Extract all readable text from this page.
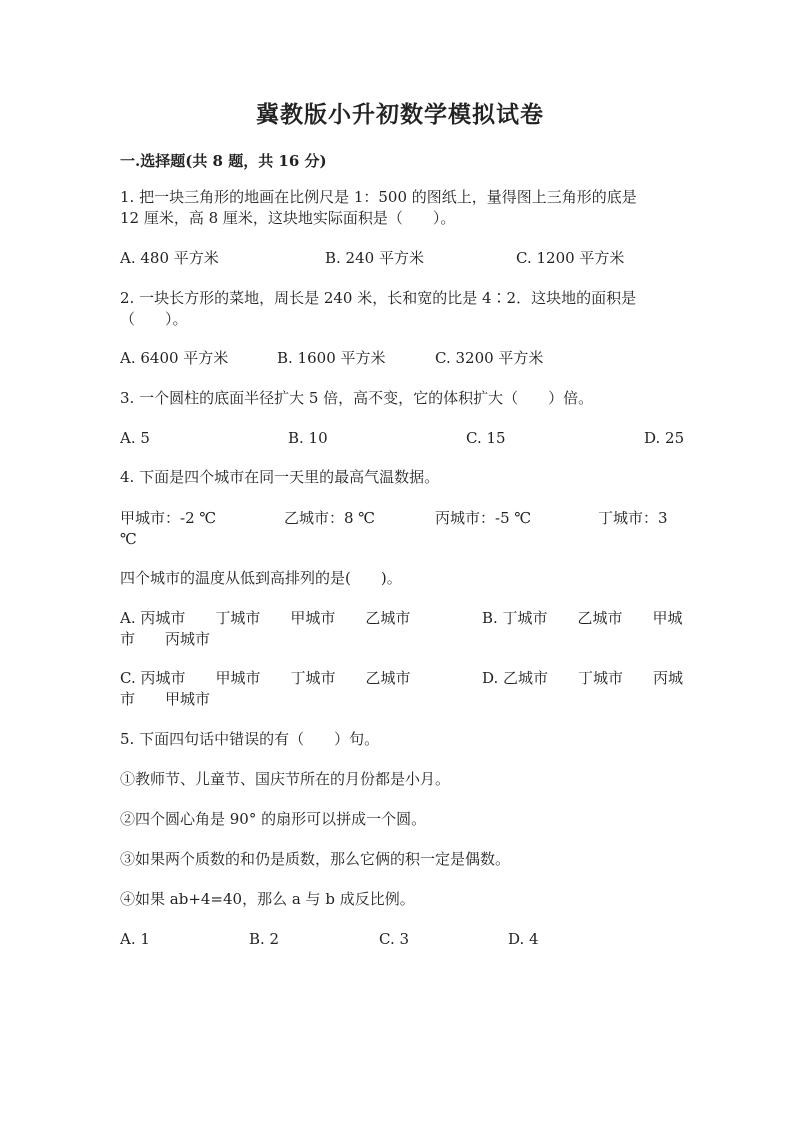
冀教版小升初数学模拟试卷
一.选择题(共 8 题，共 16 分)
1. 把一块三角形的地画在比例尺是 1：500 的图纸上，量得图上三角形的底是
12 厘米，高 8 厘米，这块地实际面积是（　　）。
A. 480 平方米	B. 240 平方米	C. 1200 平方米
2. 一块长方形的菜地，周长是 240 米，长和宽的比是 4∶2．这块地的面积是
（　　）。
A. 6400 平方米	B. 1600 平方米	C. 3200 平方米
3. 一个圆柱的底面半径扩大 5 倍，高不变，它的体积扩大（　　）倍。
A. 5	B. 10	C. 15	D. 25
4. 下面是四个城市在同一天里的最高气温数据。
甲城市：-2 ℃	乙城市：8 ℃	丙城市：-5 ℃	丁城市：3
℃
四个城市的温度从低到高排列的是(　　)。
A. 丙城市　　丁城市　　甲城市　　乙城市	B. 丁城市　　乙城市　　甲城
市　　丙城市
C. 丙城市　　甲城市　　丁城市　　乙城市	D. 乙城市　　丁城市　　丙城
市　　甲城市
5. 下面四句话中错误的有（　　）句。
①教师节、儿童节、国庆节所在的月份都是小月。
②四个圆心角是 90° 的扇形可以拼成一个圆。
③如果两个质数的和仍是质数，那么它俩的积一定是偶数。
④如果 ab+4=40，那么 a 与 b 成反比例。
A. 1	B. 2	C. 3	D. 4
